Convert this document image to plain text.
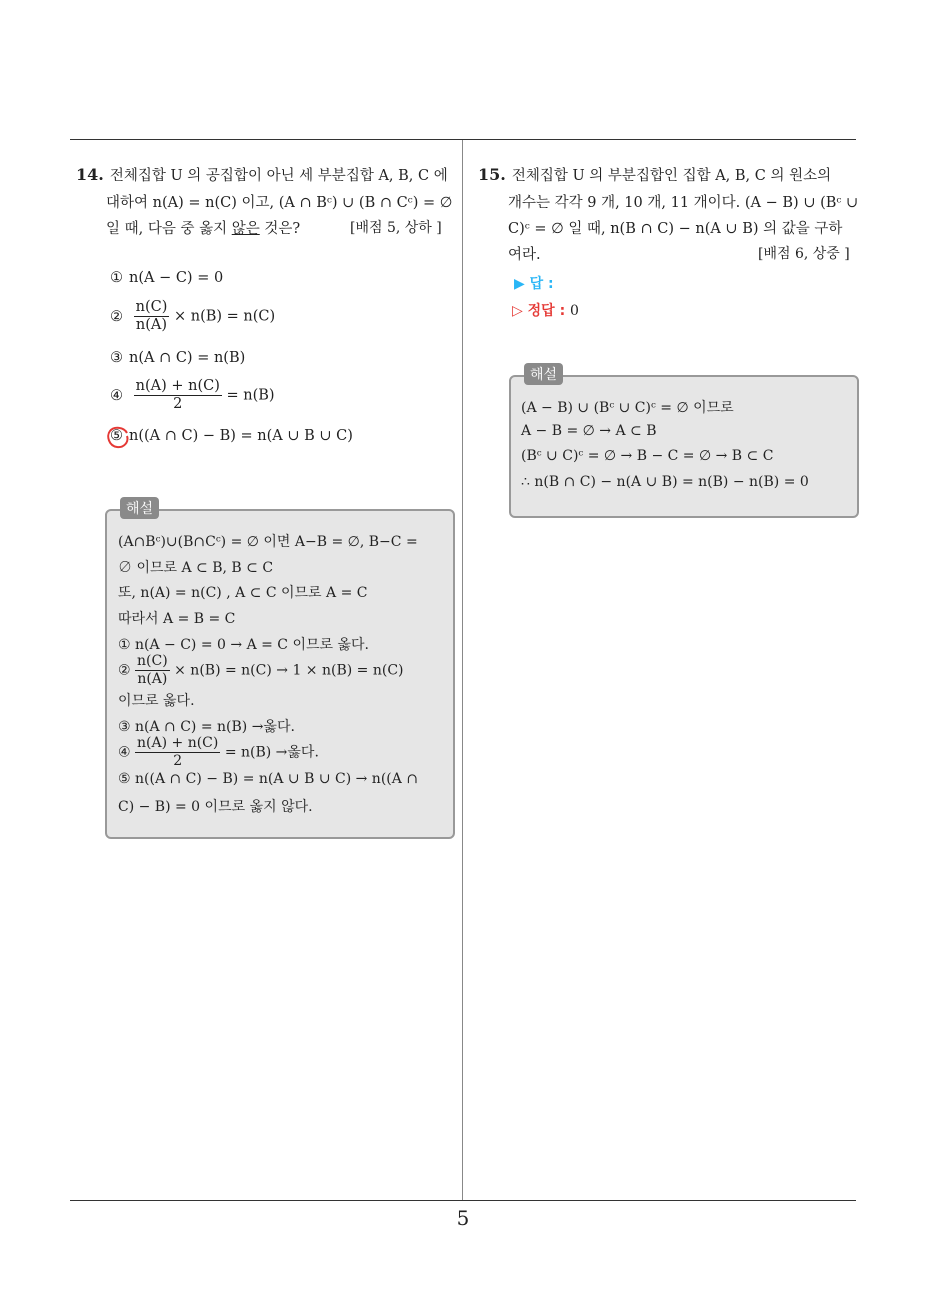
14. 전체집합 U 의 공집합이 아닌 세 부분집합 A, B, C 에
대하여 n(A) = n(C) 이고, (A ∩ Bᶜ) ∪ (B ∩ Cᶜ) = ∅
일 때, 다음 중 옳지 않은 것은?	[배점 5, 상하 ]
① n(A − C) = 0
② $\frac{n(C)}{n(A)} \times n(B) = n(C)$
③ n(A ∩ C) = n(B)
④ $\frac{n(A) + n(C)}{2} = n(B)$
⑤ n((A ∩ C) − B) = n(A ∪ B ∪ C)
해설
(A∩Bᶜ)∪(B∩Cᶜ) = ∅ 이면 A−B = ∅, B−C =
∅ 이므로 A ⊂ B, B ⊂ C
또, n(A) = n(C) , A ⊂ C 이므로 A = C
따라서 A = B = C
① n(A − C) = 0 → A = C 이므로 옳다.
② $\frac{n(C)}{n(A)} \times n(B) = n(C) \to 1 \times n(B) = n(C)$
이므로 옳다.
③ n(A ∩ C) = n(B) →옳다.
④ $\frac{n(A) + n(C)}{2} = n(B)$ →옳다.
⑤ n((A ∩ C) − B) = n(A ∪ B ∪ C) → n((A ∩
C) − B) = 0 이므로 옳지 않다.
15. 전체집합 U 의 부분집합인 집합 A, B, C 의 원소의
개수는 각각 9 개, 10 개, 11 개이다. (A − B) ∪ (Bᶜ ∪
C)ᶜ = ∅ 일 때, n(B ∩ C) − n(A ∪ B) 의 값을 구하
여라.	[배점 6, 상중 ]
▶ 답 :
▷ 정답 : 0
해설
(A − B) ∪ (Bᶜ ∪ C)ᶜ = ∅ 이므로
A − B = ∅ → A ⊂ B
(Bᶜ ∪ C)ᶜ = ∅ → B − C = ∅ → B ⊂ C
∴ n(B ∩ C) − n(A ∪ B) = n(B) − n(B) = 0
5
